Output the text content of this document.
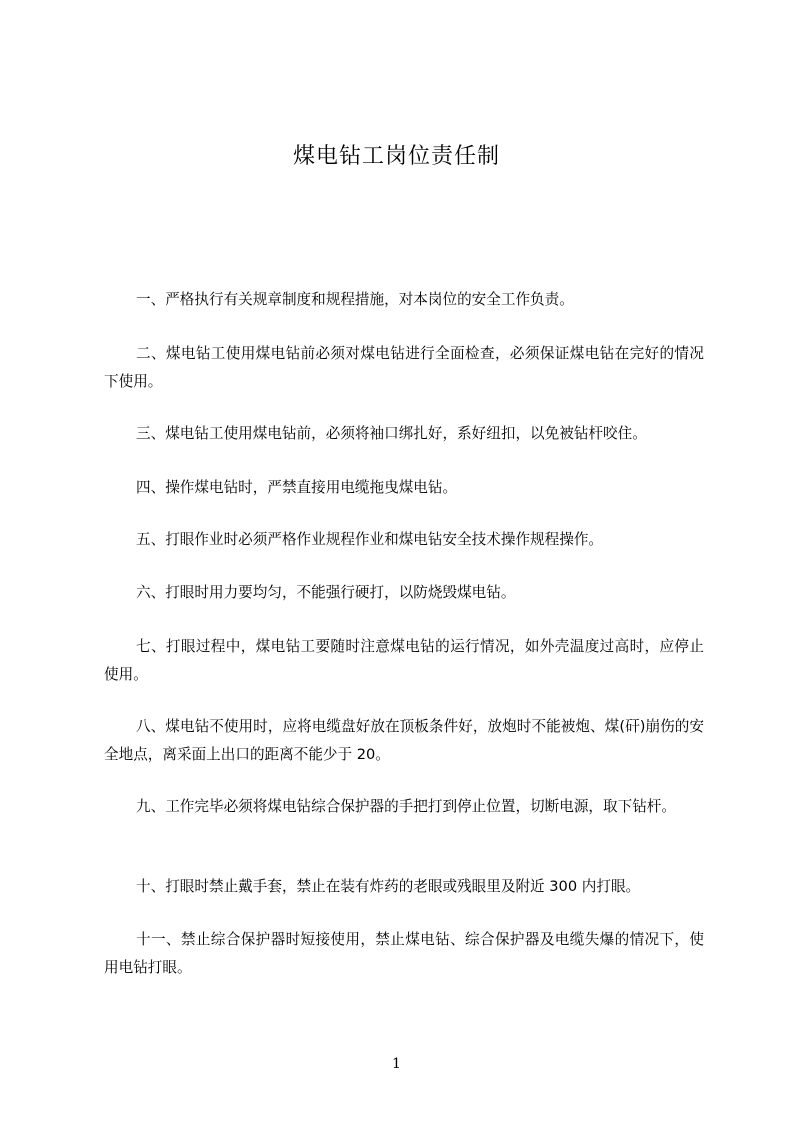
煤电钻工岗位责任制

一、严格执行有关规章制度和规程措施，对本岗位的安全工作负责。

二、煤电钻工使用煤电钻前必须对煤电钻进行全面检查，必须保证煤电钻在完好的情况下使用。

三、煤电钻工使用煤电钻前，必须将袖口绑扎好，系好纽扣，以免被钻杆咬住。

四、操作煤电钻时，严禁直接用电缆拖曳煤电钻。

五、打眼作业时必须严格作业规程作业和煤电钻安全技术操作规程操作。

六、打眼时用力要均匀，不能强行硬打，以防烧毁煤电钻。

七、打眼过程中，煤电钻工要随时注意煤电钻的运行情况，如外壳温度过高时，应停止使用。

八、煤电钻不使用时，应将电缆盘好放在顶板条件好，放炮时不能被炮、煤(矸)崩伤的安全地点，离采面上出口的距离不能少于 20。

九、工作完毕必须将煤电钻综合保护器的手把打到停止位置，切断电源，取下钻杆。

十、打眼时禁止戴手套，禁止在装有炸药的老眼或残眼里及附近 300 内打眼。

十一、禁止综合保护器时短接使用，禁止煤电钻、综合保护器及电缆失爆的情况下，使用电钻打眼。

1
